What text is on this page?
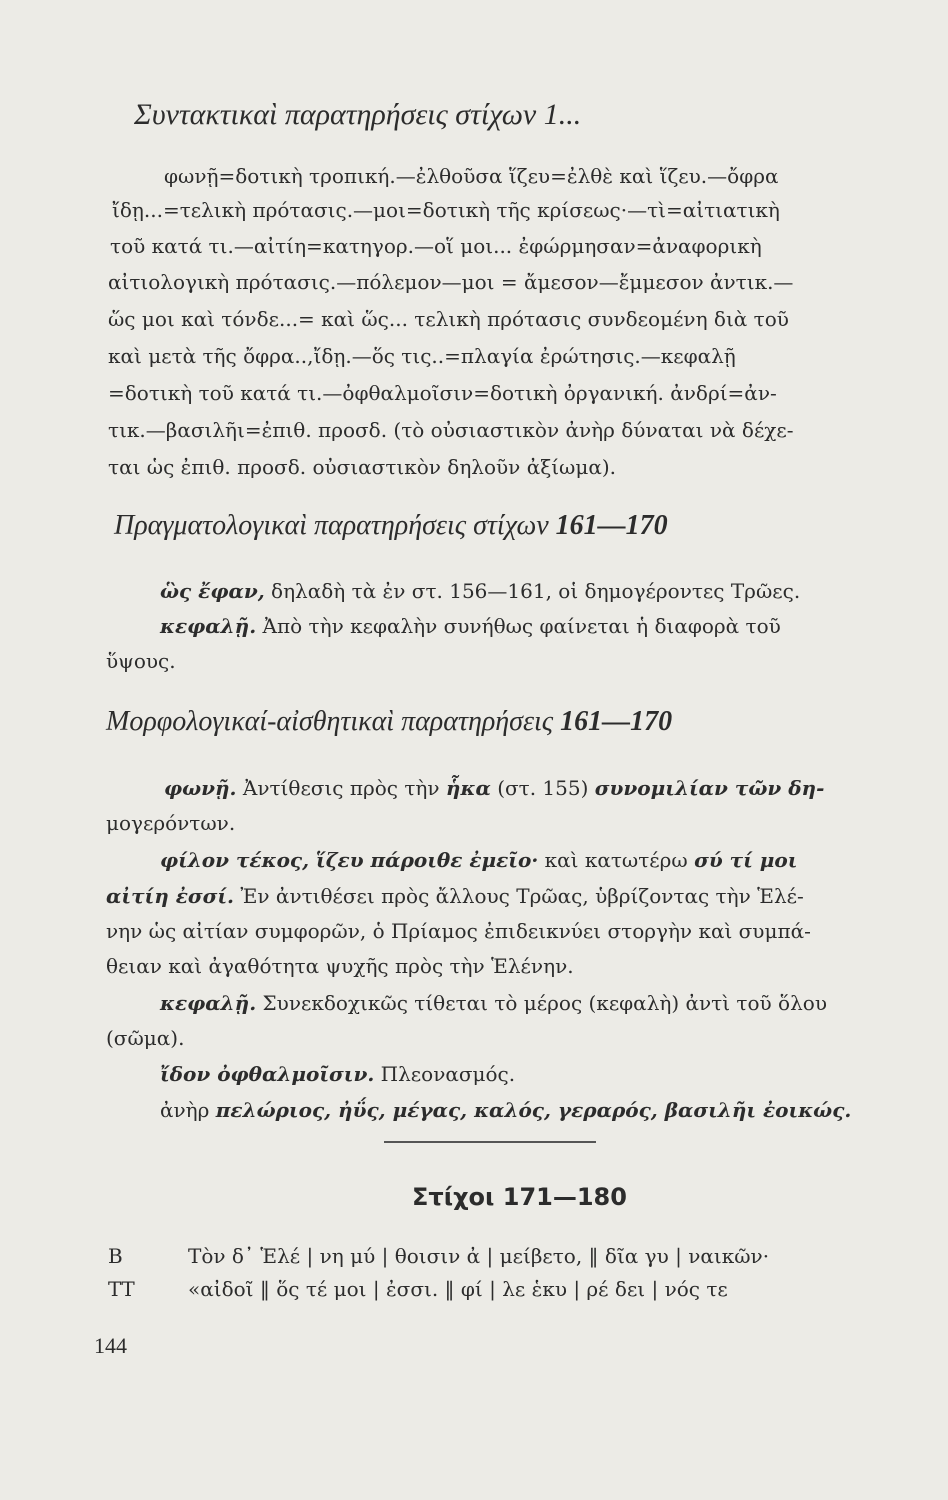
Συντακτικαὶ παρατηρήσεις στίχων 1...
φωνῇ=δοτικὴ τροπική.—ἐλθοῦσα ἵζευ=ἐλθὲ καὶ ἵζευ.—ὄφρα
ἴδῃ...=τελικὴ πρότασις.—μοι=δοτικὴ τῆς κρίσεως·—τὶ=αἰτιατικὴ
τοῦ κατά τι.—αἰτίη=κατηγορ.—οἵ μοι... ἐφώρμησαν=ἀναφορικὴ
αἰτιολογικὴ πρότασις.—πόλεμον—μοι = ἄμεσον—ἔμμεσον ἀντικ.—
ὥς μοι καὶ τόνδε...= καὶ ὥς... τελικὴ πρότασις συνδεομένη διὰ τοῦ
καὶ μετὰ τῆς ὄφρα..,ἴδῃ.—ὅς τις..=πλαγία ἐρώτησις.—κεφαλῇ
=δοτικὴ τοῦ κατά τι.—ὀφθαλμοῖσιν=δοτικὴ ὀργανική. ἀνδρί=ἀν-
τικ.—βασιλῆι=ἐπιθ. προσδ. (τὸ οὐσιαστικὸν ἀνὴρ δύναται νὰ δέχε-
ται ὡς ἐπιθ. προσδ. οὐσιαστικὸν δηλοῦν ἀξίωμα).
Πραγματολογικαὶ παρατηρήσεις στίχων 161—170
ὣς ἔφαν, δηλαδὴ τὰ ἐν στ. 156—161, οἱ δημογέροντες Τρῶες.
κεφαλῇ. Ἀπὸ τὴν κεφαλὴν συνήθως φαίνεται ἡ διαφορὰ τοῦ
ὕψους.
Μορφολογικαί-αἰσθητικαὶ παρατηρήσεις 161—170
φωνῇ. Ἀντίθεσις πρὸς τὴν ἧκα (στ. 155) συνομιλίαν τῶν δη-
μογερόντων.
φίλον τέκος, ἵζευ πάροιθε ἐμεῖο· καὶ κατωτέρω σύ τί μοι
αἰτίη ἐσσί. Ἐν ἀντιθέσει πρὸς ἄλλους Τρῶας, ὑβρίζοντας τὴν Ἑλέ-
νην ὡς αἰτίαν συμφορῶν, ὁ Πρίαμος ἐπιδεικνύει στοργὴν καὶ συμπά-
θειαν καὶ ἀγαθότητα ψυχῆς πρὸς τὴν Ἑλένην.
κεφαλῇ. Συνεκδοχικῶς τίθεται τὸ μέρος (κεφαλὴ) ἀντὶ τοῦ ὅλου
(σῶμα).
ἴδον ὀφθαλμοῖσιν. Πλεονασμός.
ἀνὴρ πελώριος, ἠΰς, μέγας, καλός, γεραρός, βασιλῆι ἐοικώς.
Στίχοι 171—180
B	Τὸν δ᾽ Ἑλέ | νη μύ | θοισιν ἀ | μείβετο, ‖ δῖα γυ | ναικῶν·
ΤΤ	«αἰδοῖ ‖ ὅς τέ μοι | ἐσσι. ‖ φί | λε ἑκυ | ρέ δει | νός τε
144
